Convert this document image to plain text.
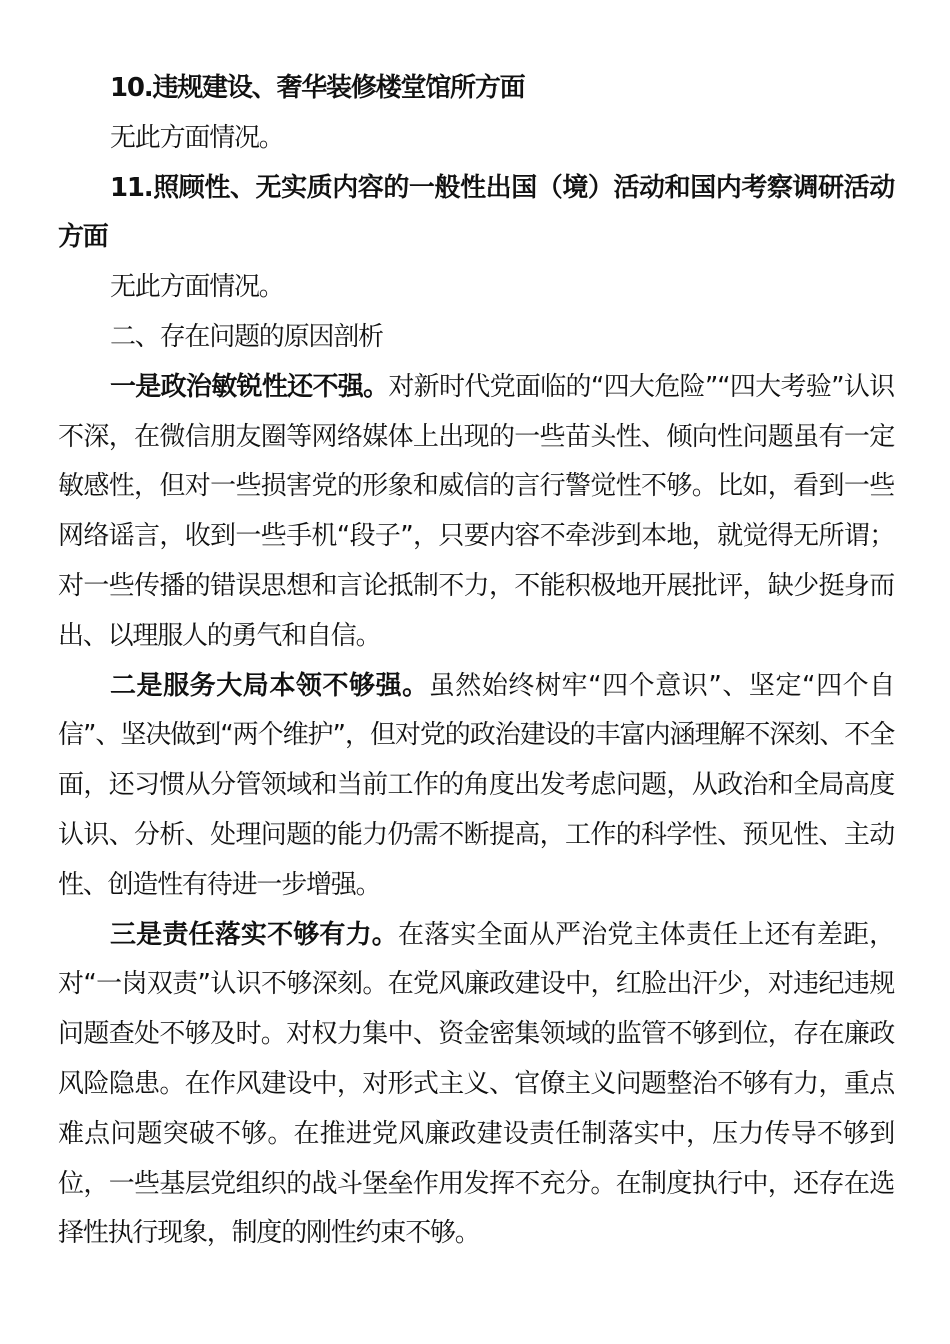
10.违规建设、奢华装修楼堂馆所方面

无此方面情况。

11.照顾性、无实质内容的一般性出国（境）活动和国内考察调研活动方面

无此方面情况。

二、存在问题的原因剖析

一是政治敏锐性还不强。对新时代党面临的“四大危险”“四大考验”认识不深，在微信朋友圈等网络媒体上出现的一些苗头性、倾向性问题虽有一定敏感性，但对一些损害党的形象和威信的言行警觉性不够。比如，看到一些网络谣言，收到一些手机“段子”，只要内容不牵涉到本地，就觉得无所谓；对一些传播的错误思想和言论抵制不力，不能积极地开展批评，缺少挺身而出、以理服人的勇气和自信。

二是服务大局本领不够强。虽然始终树牢“四个意识”、坚定“四个自信”、坚决做到“两个维护”，但对党的政治建设的丰富内涵理解不深刻、不全面，还习惯从分管领域和当前工作的角度出发考虑问题，从政治和全局高度认识、分析、处理问题的能力仍需不断提高，工作的科学性、预见性、主动性、创造性有待进一步增强。

三是责任落实不够有力。在落实全面从严治党主体责任上还有差距，对“一岗双责”认识不够深刻。在党风廉政建设中，红脸出汗少，对违纪违规问题查处不够及时。对权力集中、资金密集领域的监管不够到位，存在廉政风险隐患。在作风建设中，对形式主义、官僚主义问题整治不够有力，重点难点问题突破不够。在推进党风廉政建设责任制落实中，压力传导不够到位，一些基层党组织的战斗堡垒作用发挥不充分。在制度执行中，还存在选择性执行现象，制度的刚性约束不够。
